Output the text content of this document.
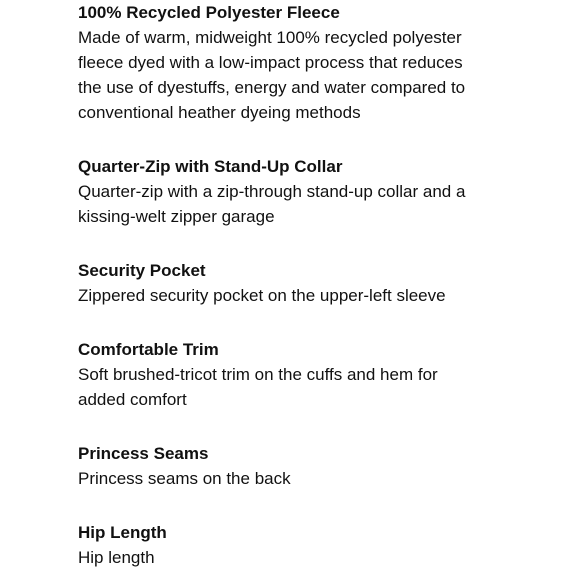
100% Recycled Polyester Fleece
Made of warm, midweight 100% recycled polyester
fleece dyed with a low-impact process that reduces
the use of dyestuffs, energy and water compared to
conventional heather dyeing methods
Quarter-Zip with Stand-Up Collar
Quarter-zip with a zip-through stand-up collar and a
kissing-welt zipper garage
Security Pocket
Zippered security pocket on the upper-left sleeve
Comfortable Trim
Soft brushed-tricot trim on the cuffs and hem for
added comfort
Princess Seams
Princess seams on the back
Hip Length
Hip length
